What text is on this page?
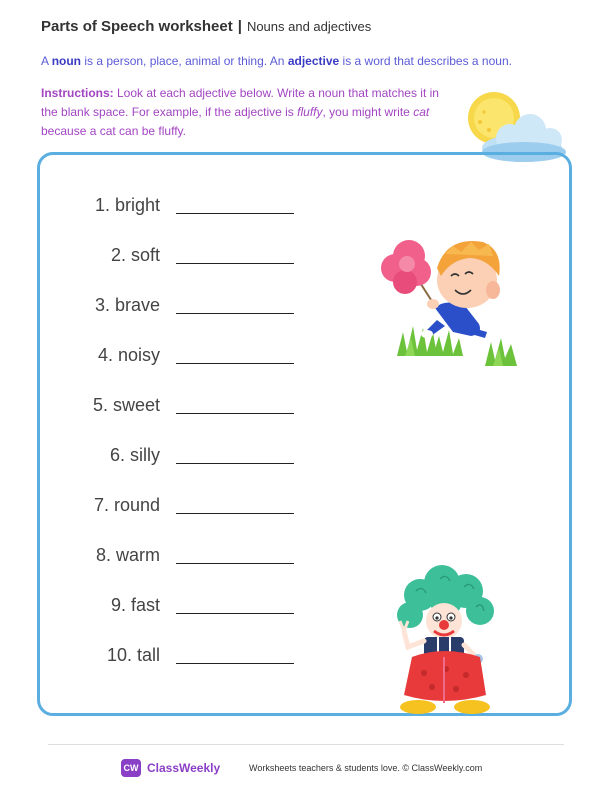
Parts of Speech worksheet | Nouns and adjectives
A noun is a person, place, animal or thing. An adjective is a word that describes a noun.
Instructions: Look at each adjective below. Write a noun that matches it in the blank space. For example, if the adjective is fluffy, you might write cat because a cat can be fluffy.
1. bright
2. soft
3. brave
4. noisy
5. sweet
6. silly
7. round
8. warm
9. fast
10. tall
CW ClassWeekly	Worksheets teachers & students love. © ClassWeekly.com
